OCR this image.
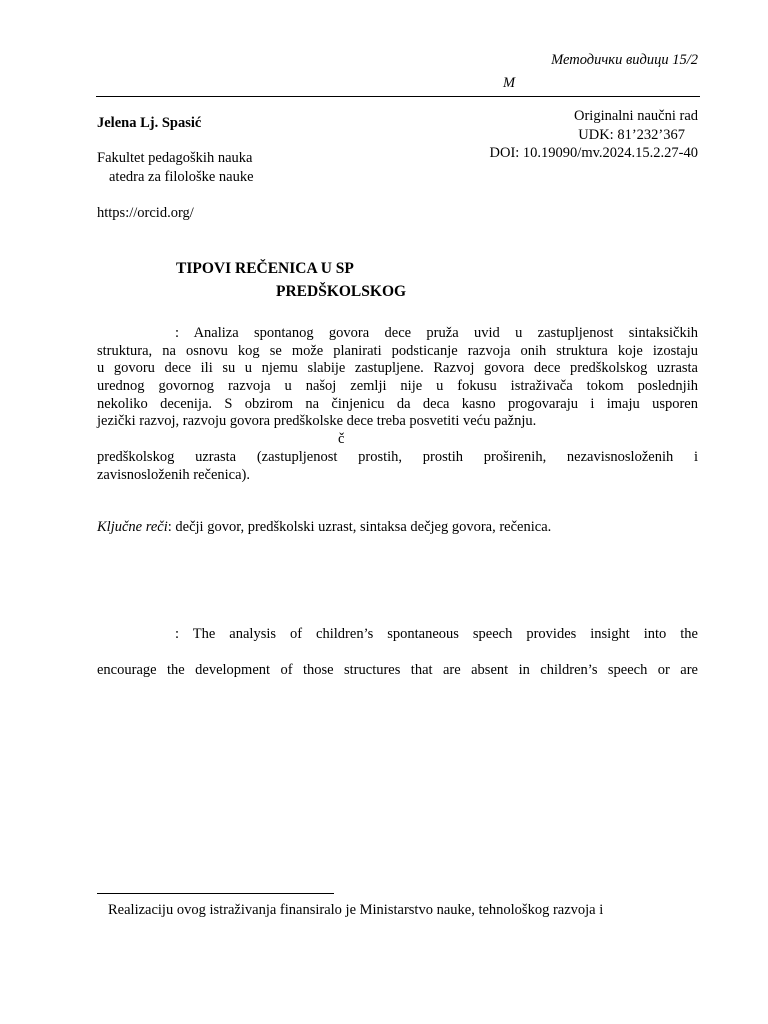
Методички видици 15/2
М
Jelena Lj. Spasić	Originalni naučni rad
UDK: 81’232’367
DOI: 10.19090/mv.2024.15.2.27-40
Fakultet pedagoških nauka
atedra za filološke nauke
https://orcid.org/
TIPOVI REČENICA U SP
PREDŠKOLSKOG
: Analiza spontanog govora dece pruža uvid u zastupljenost sintaksičkih
struktura, na osnovu kog se može planirati podsticanje razvoja onih struktura koje izostaju
u govoru dece ili su u njemu slabije zastupljene. Razvoj govora dece predškolskog uzrasta
urednog govornog razvoja u našoj zemlji nije u fokusu istraživača tokom poslednjih
nekoliko decenija. S obzirom na činjenicu da deca kasno progovaraju i imaju usporen
jezički razvoj, razvoju govora predškolske dece treba posvetiti veću pažnju.
č
predškolskog uzrasta (zastupljenost prostih, prostih proširenih, nezavisnosloženih i
zavisnosloženih rečenica).
Ključne reči: dečji govor, predškolski uzrast, sintaksa dečjeg govora, rečenica.
: The analysis of children’s spontaneous speech provides insight into the
encourage the development of those structures that are absent in children’s speech or are
Realizaciju ovog istraživanja finansiralo je Ministarstvo nauke, tehnološkog razvoja i
